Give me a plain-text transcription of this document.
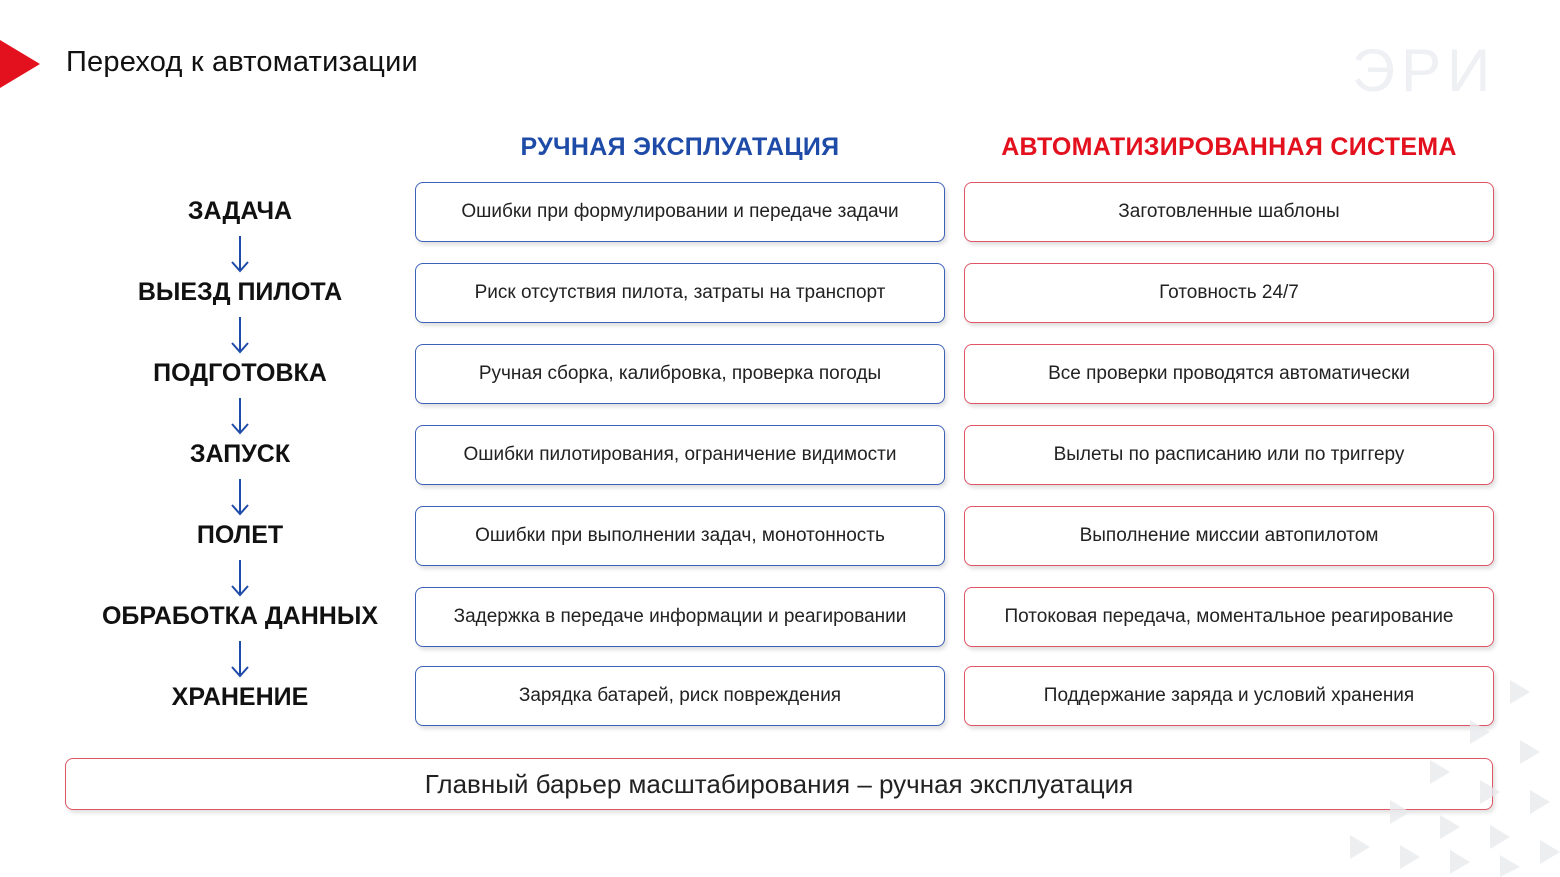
Переход к автоматизации	ЭРИ
РУЧНАЯ ЭКСПЛУАТАЦИЯ	АВТОМАТИЗИРОВАННАЯ СИСТЕМА
ЗАДАЧА	Ошибки при формулировании и передаче задачи	Заготовленные шаблоны
ВЫЕЗД ПИЛОТА	Риск отсутствия пилота, затраты на транспорт	Готовность 24/7
ПОДГОТОВКА	Ручная сборка, калибровка, проверка погоды	Все проверки проводятся автоматически
ЗАПУСК	Ошибки пилотирования, ограничение видимости	Вылеты по расписанию или по триггеру
ПОЛЕТ	Ошибки при выполнении задач, монотонность	Выполнение миссии автопилотом
ОБРАБОТКА ДАННЫХ	Задержка в передаче информации и реагировании	Потоковая передача, моментальное реагирование
ХРАНЕНИЕ	Зарядка батарей, риск повреждения	Поддержание заряда и условий хранения
Главный барьер масштабирования – ручная эксплуатация
